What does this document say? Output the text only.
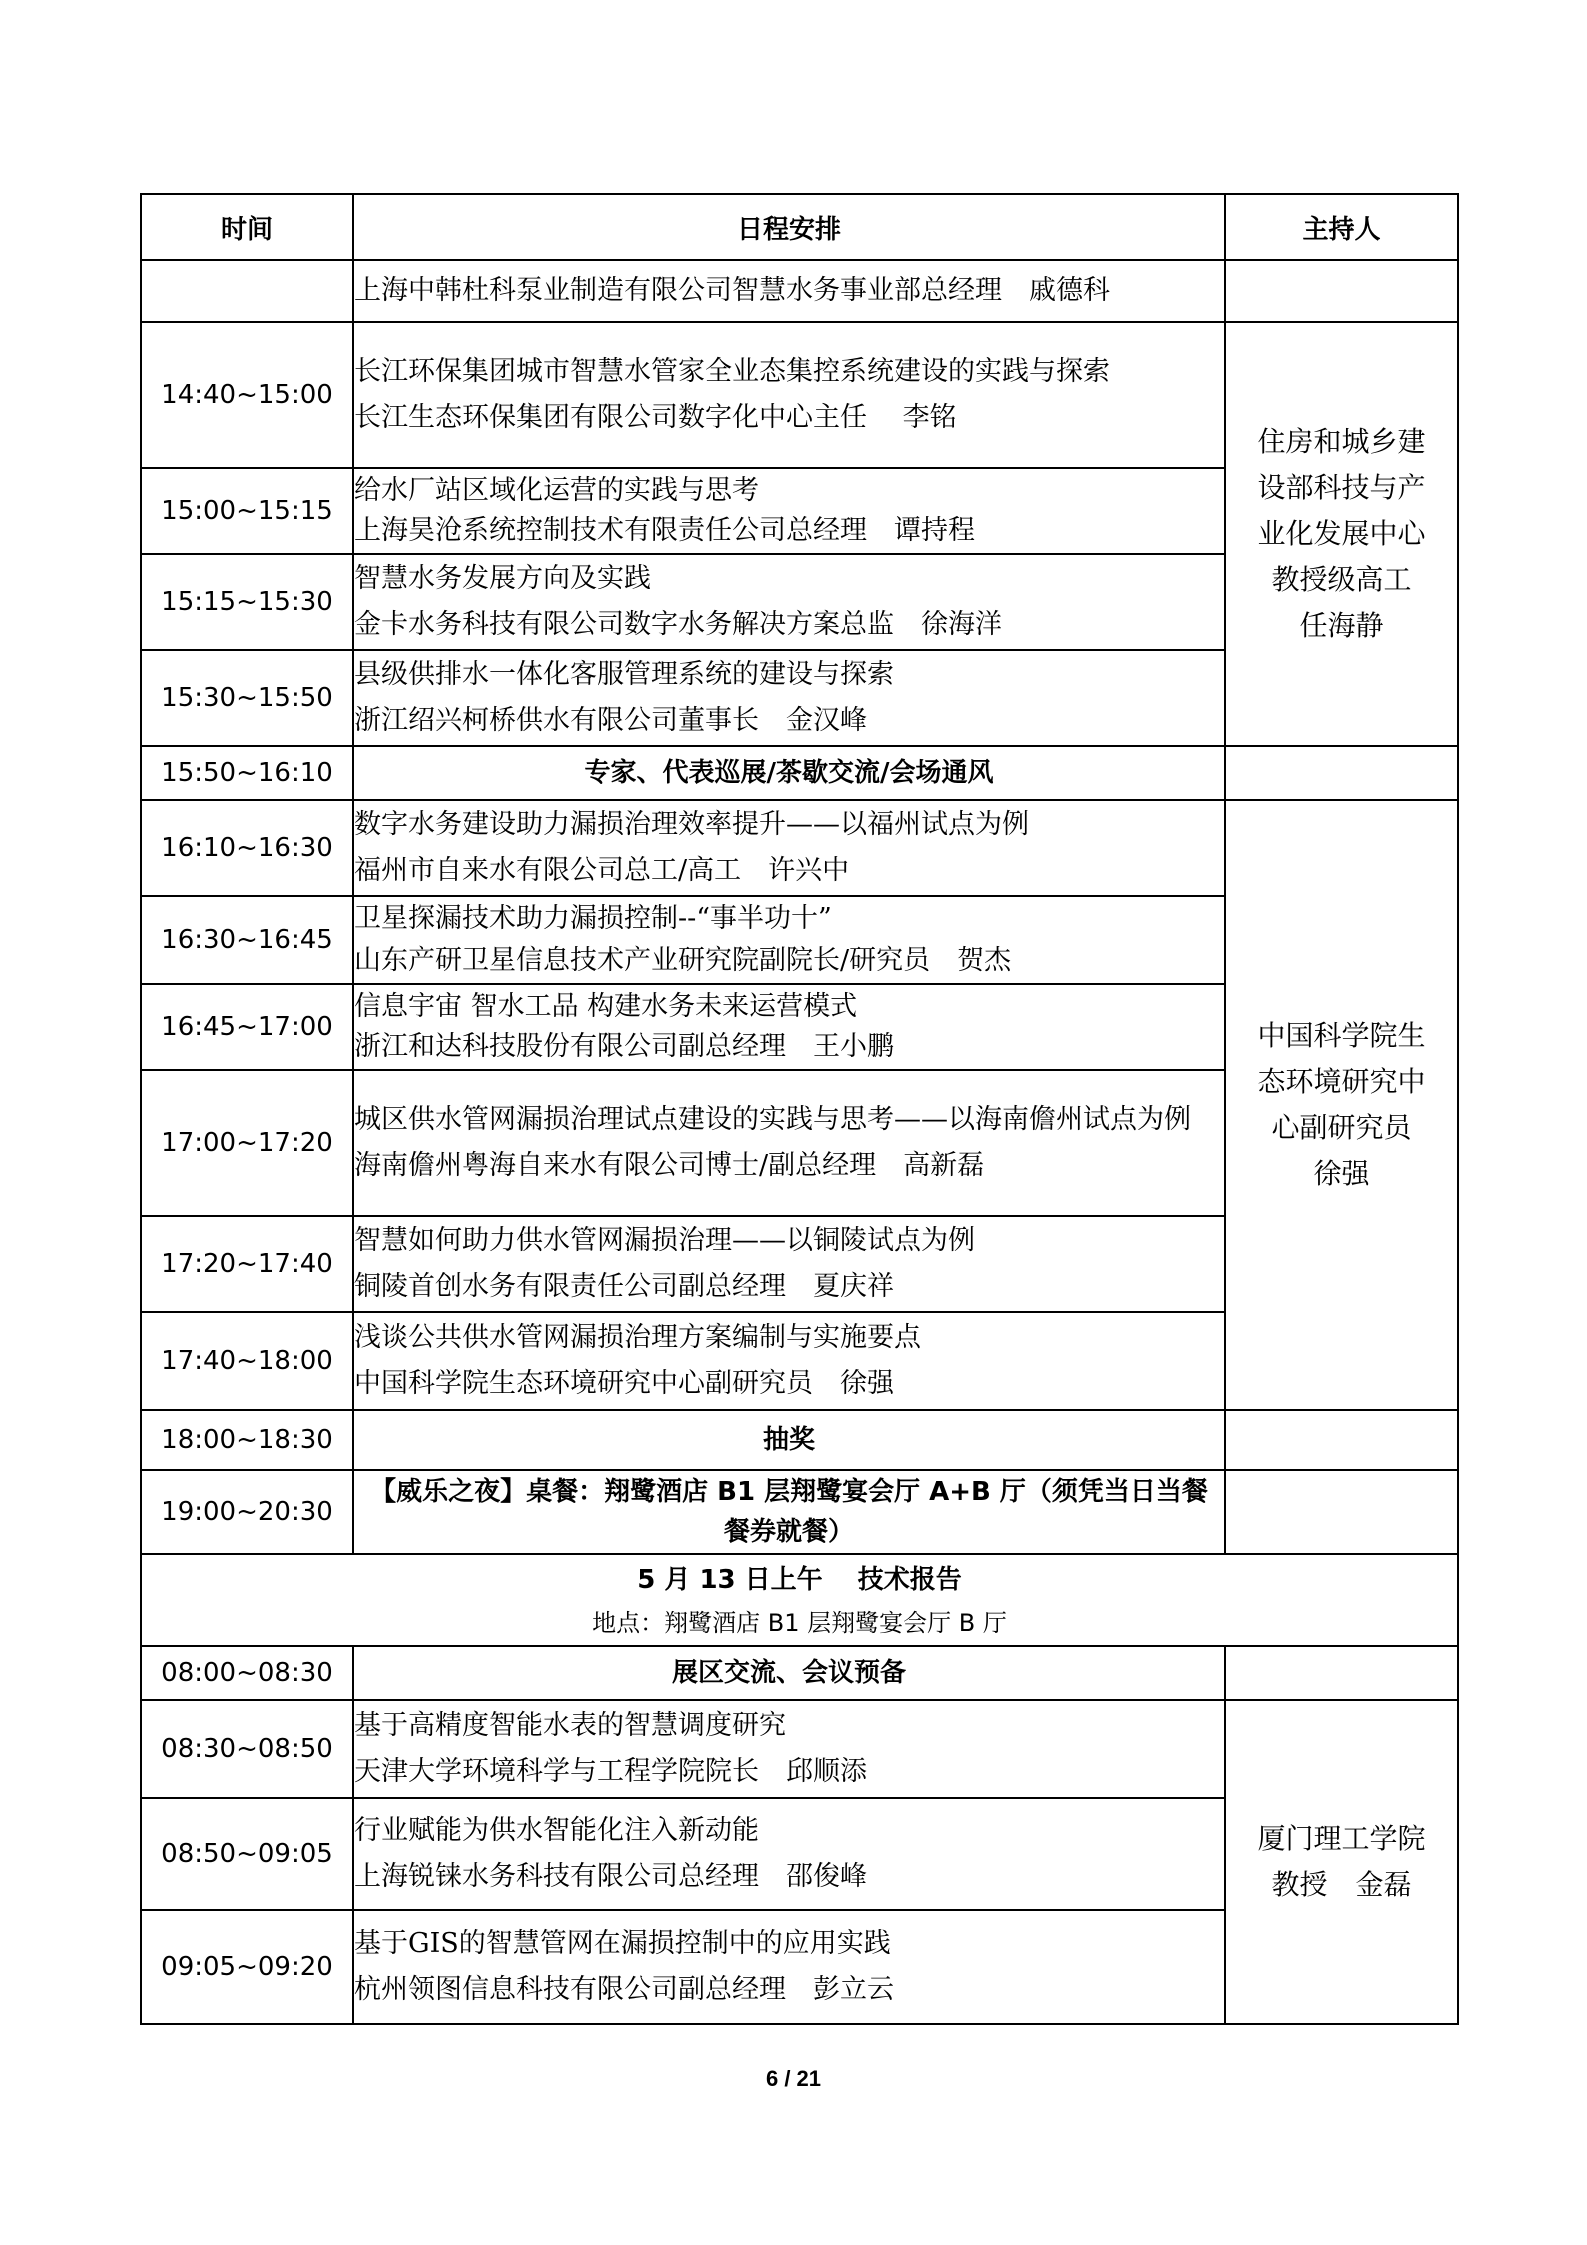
时间	日程安排	主持人

	上海中韩杜科泵业制造有限公司智慧水务事业部总经理　戚德科	

14:40~15:00	长江环保集团城市智慧水管家全业态集控系统建设的实践与探索
长江生态环保集团有限公司数字化中心主任　 李铭	住房和城乡建
设部科技与产
业化发展中心
教授级高工
任海静

15:00~15:15	给水厂站区域化运营的实践与思考
上海昊沧系统控制技术有限责任公司总经理　谭持程	

15:15~15:30	智慧水务发展方向及实践
金卡水务科技有限公司数字水务解决方案总监　徐海洋	

15:30~15:50	县级供排水一体化客服管理系统的建设与探索
浙江绍兴柯桥供水有限公司董事长　金汉峰	

15:50~16:10	专家、代表巡展/茶歇交流/会场通风	
16:10~16:30	数字水务建设助力漏损治理效率提升——以福州试点为例
福州市自来水有限公司总工/高工　许兴中	中国科学院生
态环境研究中
心副研究员
徐强

16:30~16:45	卫星探漏技术助力漏损控制--“事半功十”
山东产研卫星信息技术产业研究院副院长/研究员　贺杰	

16:45~17:00	信息宇宙 智水工品 构建水务未来运营模式
浙江和达科技股份有限公司副总经理　王小鹏	

17:00~17:20	城区供水管网漏损治理试点建设的实践与思考——以海南儋州试点为例
海南儋州粤海自来水有限公司博士/副总经理　高新磊	

17:20~17:40	智慧如何助力供水管网漏损治理——以铜陵试点为例
铜陵首创水务有限责任公司副总经理　夏庆祥	

17:40~18:00	浅谈公共供水管网漏损治理方案编制与实施要点
中国科学院生态环境研究中心副研究员　徐强	

18:00~18:30	抽奖	
19:00~20:30	【威乐之夜】桌餐：翔鹭酒店 B1 层翔鹭宴会厅 A+B 厅（须凭当日当餐餐券就餐）	

5 月 13 日上午　 技术报告
地点：翔鹭酒店 B1 层翔鹭宴会厅 B 厅		

08:00~08:30	展区交流、会议预备	
08:30~08:50	基于高精度智能水表的智慧调度研究
天津大学环境科学与工程学院院长　邱顺添	厦门理工学院
教授　金磊

08:50~09:05	行业赋能为供水智能化注入新动能
上海锐铼水务科技有限公司总经理　邵俊峰	

09:05~09:20	基于GIS的智慧管网在漏损控制中的应用实践
杭州领图信息科技有限公司副总经理　彭立云	
6 / 21
